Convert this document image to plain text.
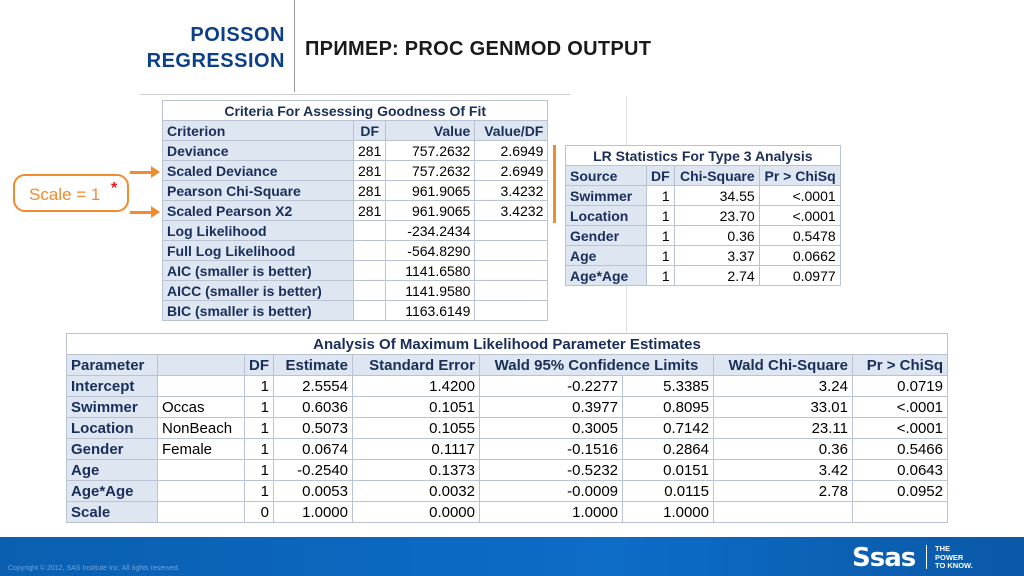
POISSON
REGRESSION
ПРИМЕР: PROC GENMOD OUTPUT
Criteria For Assessing Goodness Of Fit			
Criterion	DF	Value	Value/DF
Deviance	281	757.2632	2.6949
Scaled Deviance	281	757.2632	2.6949
Pearson Chi-Square	281	961.9065	3.4232
Scaled Pearson X2	281	961.9065	3.4232
Log Likelihood		-234.2434	
Full Log Likelihood		-564.8290	
AIC (smaller is better)		1141.6580	
AICC (smaller is better)		1141.9580	
BIC (smaller is better)		1163.6149	
LR Statistics For Type 3 Analysis			
Source	DF	Chi-Square	Pr > ChiSq
Swimmer	1	34.55	<.0001
Location	1	23.70	<.0001
Gender	1	0.36	0.5478
Age	1	3.37	0.0662
Age*Age	1	2.74	0.0977
Scale = 1 *
Analysis Of Maximum Likelihood Parameter Estimates								
Parameter		DF	Estimate	Standard Error	Wald 95% Confidence Limits		Wald Chi-Square	Pr > ChiSq
Intercept		1	2.5554	1.4200	-0.2277	5.3385	3.24	0.0719
Swimmer	Occas	1	0.6036	0.1051	0.3977	0.8095	33.01	<.0001
Location	NonBeach	1	0.5073	0.1055	0.3005	0.7142	23.11	<.0001
Gender	Female	1	0.0674	0.1117	-0.1516	0.2864	0.36	0.5466
Age		1	-0.2540	0.1373	-0.5232	0.0151	3.42	0.0643
Age*Age		1	0.0053	0.0032	-0.0009	0.0115	2.78	0.0952
Scale		0	1.0000	0.0000	1.0000	1.0000		
Copyright © 2012, SAS Institute Inc. All rights reserved.	Ssas	THE
POWER
TO KNOW.
